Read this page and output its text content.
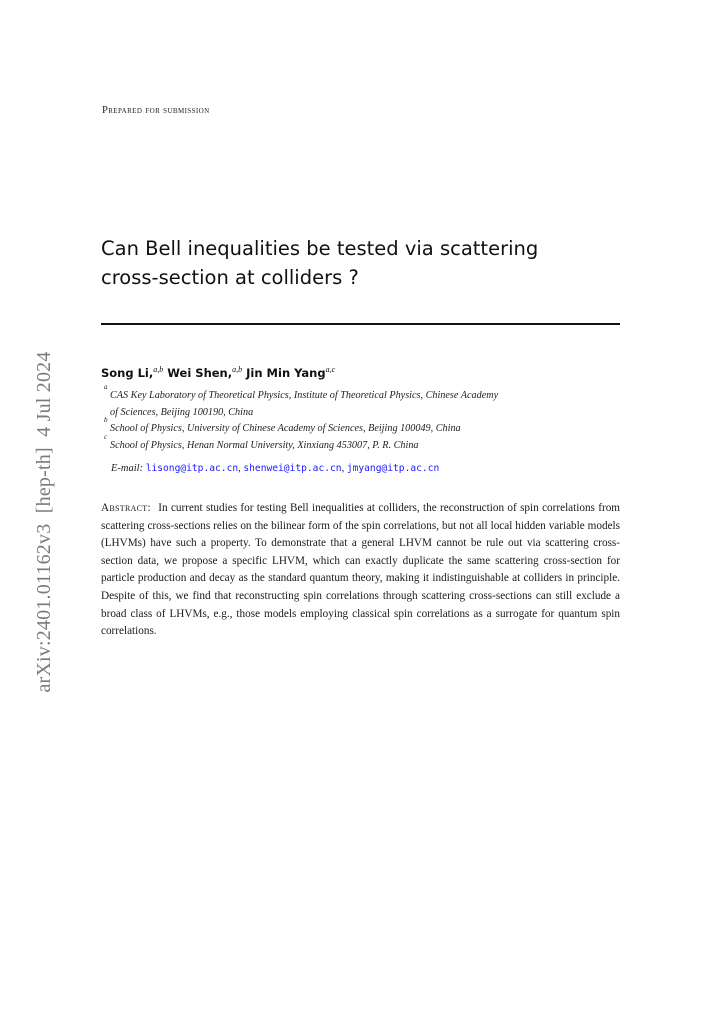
arXiv:2401.01162v3  [hep-th]  4 Jul 2024
Prepared for submission
Can Bell inequalities be tested via scattering
cross-section at colliders ?
Song Li,$^{a,b}$ Wei Shen,$^{a,b}$ Jin Min Yang$^{a,c}$
a
CAS Key Laboratory of Theoretical Physics, Institute of Theoretical Physics, Chinese Academy
of Sciences, Beijing 100190, China
b
School of Physics, University of Chinese Academy of Sciences, Beijing 100049, China
c
School of Physics, Henan Normal University, Xinxiang 453007, P. R. China
E-mail: lisong@itp.ac.cn, shenwei@itp.ac.cn, jmyang@itp.ac.cn

Abstract: In current studies for testing Bell inequalities at colliders, the reconstruction of spin correlations from scattering cross-sections relies on the bilinear form of the spin correlations, but not all local hidden variable models (LHVMs) have such a property. To demonstrate that a general LHVM cannot be rule out via scattering cross-section data, we propose a specific LHVM, which can exactly duplicate the same scattering cross-section for particle production and decay as the standard quantum theory, making it indistinguishable at colliders in principle. Despite of this, we find that reconstructing spin correlations through scattering cross-sections can still exclude a broad class of LHVMs, e.g., those models employing classical spin correlations as a surrogate for quantum spin correlations.
